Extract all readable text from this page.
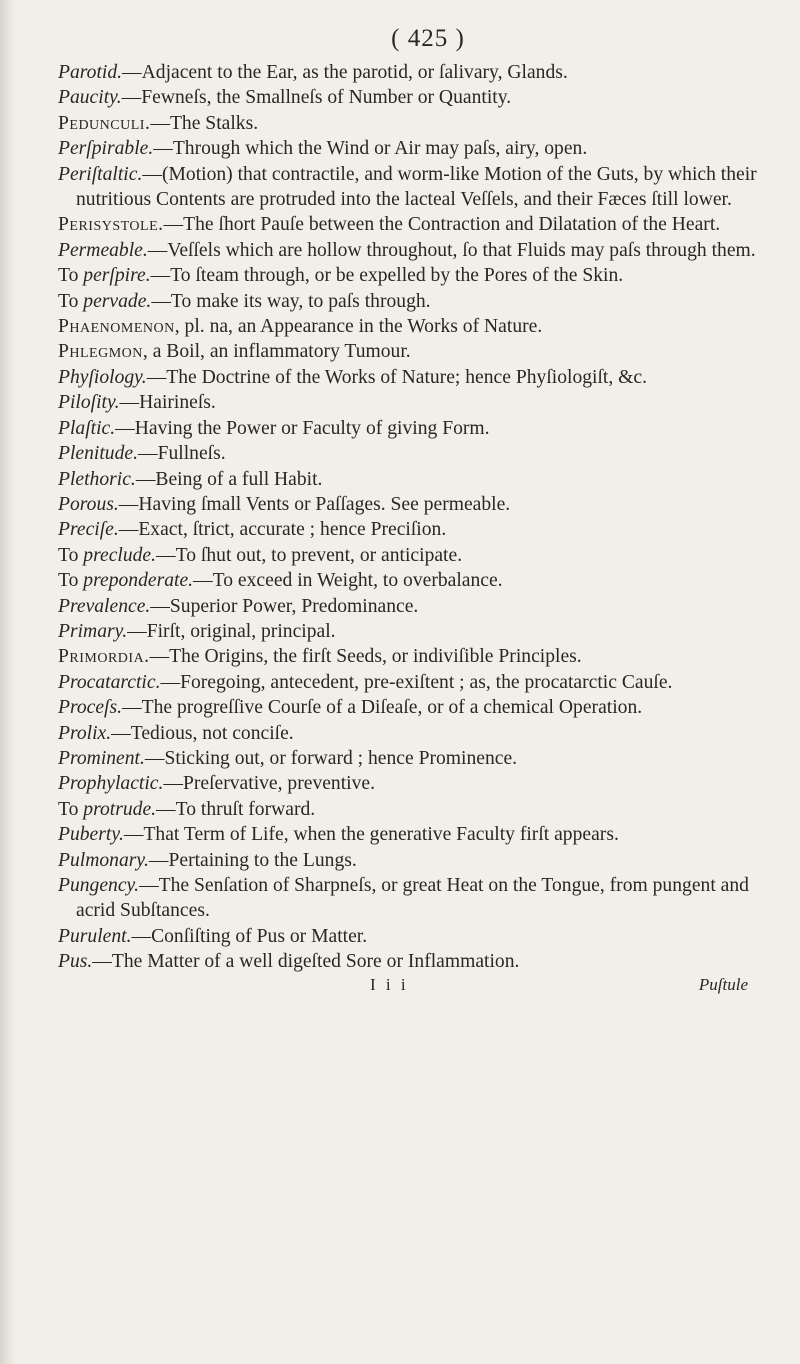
( 425 )

Parotid.—Adjacent to the Ear, as the parotid, or ſalivary, Glands.

Paucity.—Fewneſs, the Smallneſs of Number or Quantity.

Pedunculi.—The Stalks.

Perſpirable.—Through which the Wind or Air may paſs, airy, open.

Periſtaltic.—(Motion) that contractile, and worm-like Motion of the Guts, by which their nutritious Contents are protruded into the lacteal Veſſels, and their Fæces ſtill lower.

Perisystole.—The ſhort Pauſe between the Contraction and Dilatation of the Heart.

Permeable.—Veſſels which are hollow throughout, ſo that Fluids may paſs through them.

To perſpire.—To ſteam through, or be expelled by the Pores of the Skin.

To pervade.—To make its way, to paſs through.

Phaenomenon, pl. na, an Appearance in the Works of Nature.

Phlegmon, a Boil, an inflammatory Tumour.

Phyſiology.—The Doctrine of the Works of Nature; hence Phyſiologiſt, &c.

Piloſity.—Hairineſs.

Plaſtic.—Having the Power or Faculty of giving Form.

Plenitude.—Fullneſs.

Plethoric.—Being of a full Habit.

Porous.—Having ſmall Vents or Paſſages. See permeable.

Preciſe.—Exact, ſtrict, accurate ; hence Preciſion.

To preclude.—To ſhut out, to prevent, or anticipate.

To preponderate.—To exceed in Weight, to overbalance.

Prevalence.—Superior Power, Predominance.

Primary.—Firſt, original, principal.

Primordia.—The Origins, the firſt Seeds, or indiviſible Principles.

Procatarctic.—Foregoing, antecedent, pre-exiſtent ; as, the procatarctic Cauſe.

Proceſs.—The progreſſive Courſe of a Diſeaſe, or of a chemical Operation.

Prolix.—Tedious, not conciſe.

Prominent.—Sticking out, or forward ; hence Prominence.

Prophylactic.—Preſervative, preventive.

To protrude.—To thruſt forward.

Puberty.—That Term of Life, when the generative Faculty firſt appears.

Pulmonary.—Pertaining to the Lungs.

Pungency.—The Senſation of Sharpneſs, or great Heat on the Tongue, from pungent and acrid Subſtances.

Purulent.—Conſiſting of Pus or Matter.

Pus.—The Matter of a well digeſted Sore or Inflammation.

I i i	Puſtule
